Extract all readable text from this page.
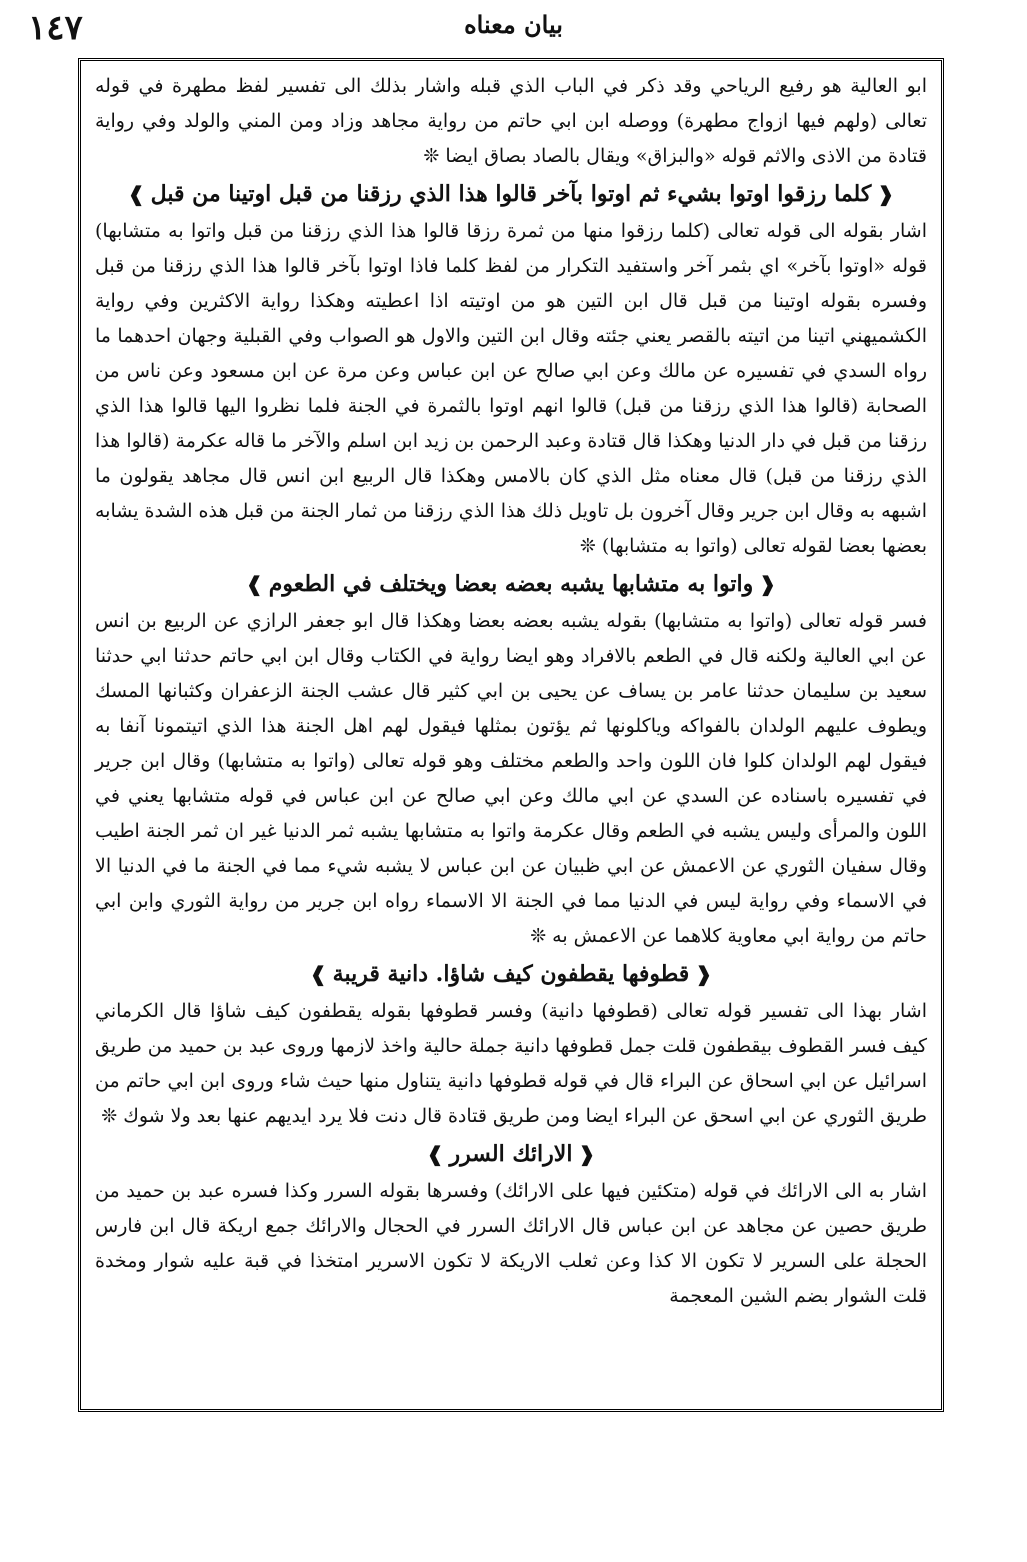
١٤٧	بيان معناه

ابو العالية هو رفيع الرياحي وقد ذكر في الباب الذي قبله واشار بذلك الى تفسير لفظ مطهرة في قوله تعالى (ولهم فيها ازواج مطهرة) ووصله ابن ابي حاتم من رواية مجاهد وزاد ومن المني والولد وفي رواية قتادة من الاذى والاثم قوله «والبزاق» ويقال بالصاد بصاق ايضا ❊

❰كلما رزقوا اوتوا بشيء ثم اوتوا بآخر قالوا هذا الذي رزقنا من قبل اوتينا من قبل❱

اشار بقوله الى قوله تعالى (كلما رزقوا منها من ثمرة رزقا قالوا هذا الذي رزقنا من قبل واتوا به متشابها) قوله «اوتوا بآخر» اي بثمر آخر واستفيد التكرار من لفظ كلما فاذا اوتوا بآخر قالوا هذا الذي رزقنا من قبل وفسره بقوله اوتينا من قبل قال ابن التين هو من اوتيته اذا اعطيته وهكذا رواية الاكثرين وفي رواية الكشميهني اتينا من اتيته بالقصر يعني جئته وقال ابن التين والاول هو الصواب وفي القبلية وجهان احدهما ما رواه السدي في تفسيره عن مالك وعن ابي صالح عن ابن عباس وعن مرة عن ابن مسعود وعن ناس من الصحابة (قالوا هذا الذي رزقنا من قبل) قالوا انهم اوتوا بالثمرة في الجنة فلما نظروا اليها قالوا هذا الذي رزقنا من قبل في دار الدنيا وهكذا قال قتادة وعبد الرحمن بن زيد ابن اسلم والآخر ما قاله عكرمة (قالوا هذا الذي رزقنا من قبل) قال معناه مثل الذي كان بالامس وهكذا قال الربيع ابن انس قال مجاهد يقولون ما اشبهه به وقال ابن جرير وقال آخرون بل تاويل ذلك هذا الذي رزقنا من ثمار الجنة من قبل هذه الشدة يشابه بعضها بعضا لقوله تعالى (واتوا به متشابها) ❊

❰واتوا به متشابها يشبه بعضه بعضا ويختلف في الطعوم❱

فسر قوله تعالى (واتوا به متشابها) بقوله يشبه بعضه بعضا وهكذا قال ابو جعفر الرازي عن الربيع بن انس عن ابي العالية ولكنه قال في الطعم بالافراد وهو ايضا رواية في الكتاب وقال ابن ابي حاتم حدثنا ابي حدثنا سعيد بن سليمان حدثنا عامر بن يساف عن يحيى بن ابي كثير قال عشب الجنة الزعفران وكثبانها المسك ويطوف عليهم الولدان بالفواكه وياكلونها ثم يؤتون بمثلها فيقول لهم اهل الجنة هذا الذي اتيتمونا آنفا به فيقول لهم الولدان كلوا فان اللون واحد والطعم مختلف وهو قوله تعالى (واتوا به متشابها) وقال ابن جرير في تفسيره باسناده عن السدي عن ابي مالك وعن ابي صالح عن ابن عباس في قوله متشابها يعني في اللون والمرأى وليس يشبه في الطعم وقال عكرمة واتوا به متشابها يشبه ثمر الدنيا غير ان ثمر الجنة اطيب وقال سفيان الثوري عن الاعمش عن ابي ظبيان عن ابن عباس لا يشبه شيء مما في الجنة ما في الدنيا الا في الاسماء وفي رواية ليس في الدنيا مما في الجنة الا الاسماء رواه ابن جرير من رواية الثوري وابن ابي حاتم من رواية ابي معاوية كلاهما عن الاعمش به ❊

❰قطوفها يقطفون كيف شاؤا. دانية قريبة❱

اشار بهذا الى تفسير قوله تعالى (قطوفها دانية) وفسر قطوفها بقوله يقطفون كيف شاؤا قال الكرماني كيف فسر القطوف بيقطفون قلت جمل قطوفها دانية جملة حالية واخذ لازمها وروى عبد بن حميد من طريق اسرائيل عن ابي اسحاق عن البراء قال في قوله قطوفها دانية يتناول منها حيث شاء وروى ابن ابي حاتم من طريق الثوري عن ابي اسحق عن البراء ايضا ومن طريق قتادة قال دنت فلا يرد ايديهم عنها بعد ولا شوك ❊

❰الارائك السرر❱

اشار به الى الارائك في قوله (متكئين فيها على الارائك) وفسرها بقوله السرر وكذا فسره عبد بن حميد من طريق حصين عن مجاهد عن ابن عباس قال الارائك السرر في الحجال والارائك جمع اريكة قال ابن فارس الحجلة على السرير لا تكون الا كذا وعن ثعلب الاريكة لا تكون الاسرير امتخذا في قبة عليه شوار ومخدة قلت الشوار بضم الشين المعجمة
